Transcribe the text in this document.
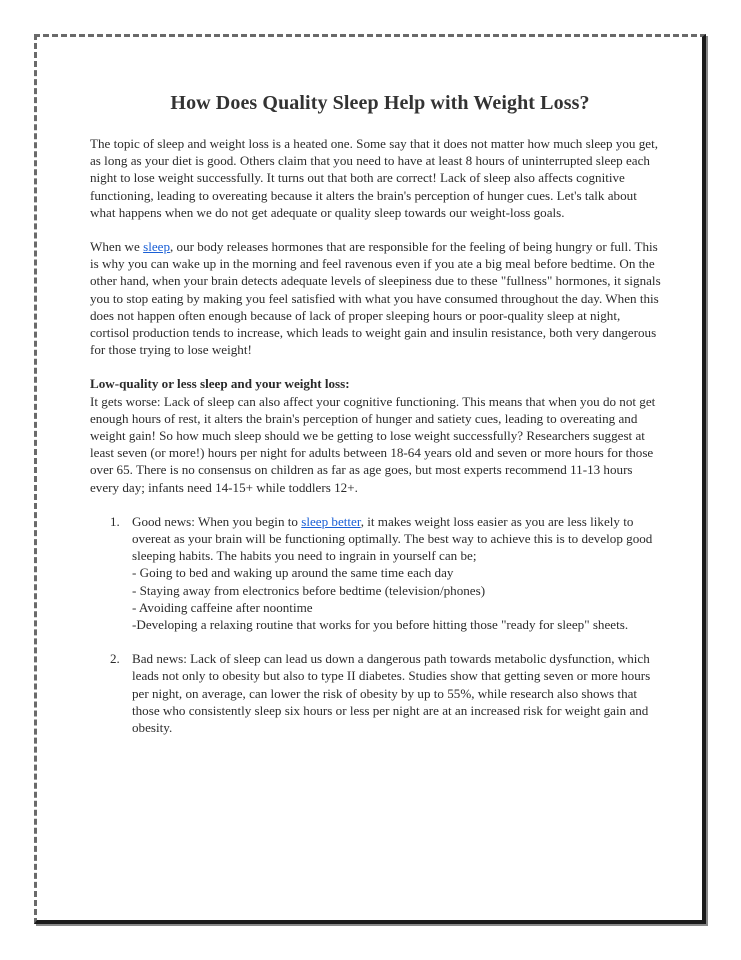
How Does Quality Sleep Help with Weight Loss?

The topic of sleep and weight loss is a heated one. Some say that it does not matter how much sleep you get, as long as your diet is good. Others claim that you need to have at least 8 hours of uninterrupted sleep each night to lose weight successfully. It turns out that both are correct! Lack of sleep also affects cognitive functioning, leading to overeating because it alters the brain's perception of hunger cues. Let's talk about what happens when we do not get adequate or quality sleep towards our weight-loss goals.

When we sleep, our body releases hormones that are responsible for the feeling of being hungry or full. This is why you can wake up in the morning and feel ravenous even if you ate a big meal before bedtime. On the other hand, when your brain detects adequate levels of sleepiness due to these "fullness" hormones, it signals you to stop eating by making you feel satisfied with what you have consumed throughout the day. When this does not happen often enough because of lack of proper sleeping hours or poor-quality sleep at night, cortisol production tends to increase, which leads to weight gain and insulin resistance, both very dangerous for those trying to lose weight!

Low-quality or less sleep and your weight loss:

It gets worse: Lack of sleep can also affect your cognitive functioning. This means that when you do not get enough hours of rest, it alters the brain's perception of hunger and satiety cues, leading to overeating and weight gain! So how much sleep should we be getting to lose weight successfully? Researchers suggest at least seven (or more!) hours per night for adults between 18-64 years old and seven or more hours for those over 65. There is no consensus on children as far as age goes, but most experts recommend 11-13 hours every day; infants need 14-15+ while toddlers 12+.

1. Good news: When you begin to sleep better, it makes weight loss easier as you are less likely to overeat as your brain will be functioning optimally. The best way to achieve this is to develop good sleeping habits. The habits you need to ingrain in yourself can be;
- Going to bed and waking up around the same time each day
- Staying away from electronics before bedtime (television/phones)
- Avoiding caffeine after noontime
-Developing a relaxing routine that works for you before hitting those "ready for sleep" sheets.
2. Bad news: Lack of sleep can lead us down a dangerous path towards metabolic dysfunction, which leads not only to obesity but also to type II diabetes. Studies show that getting seven or more hours per night, on average, can lower the risk of obesity by up to 55%, while research also shows that those who consistently sleep six hours or less per night are at an increased risk for weight gain and obesity.
